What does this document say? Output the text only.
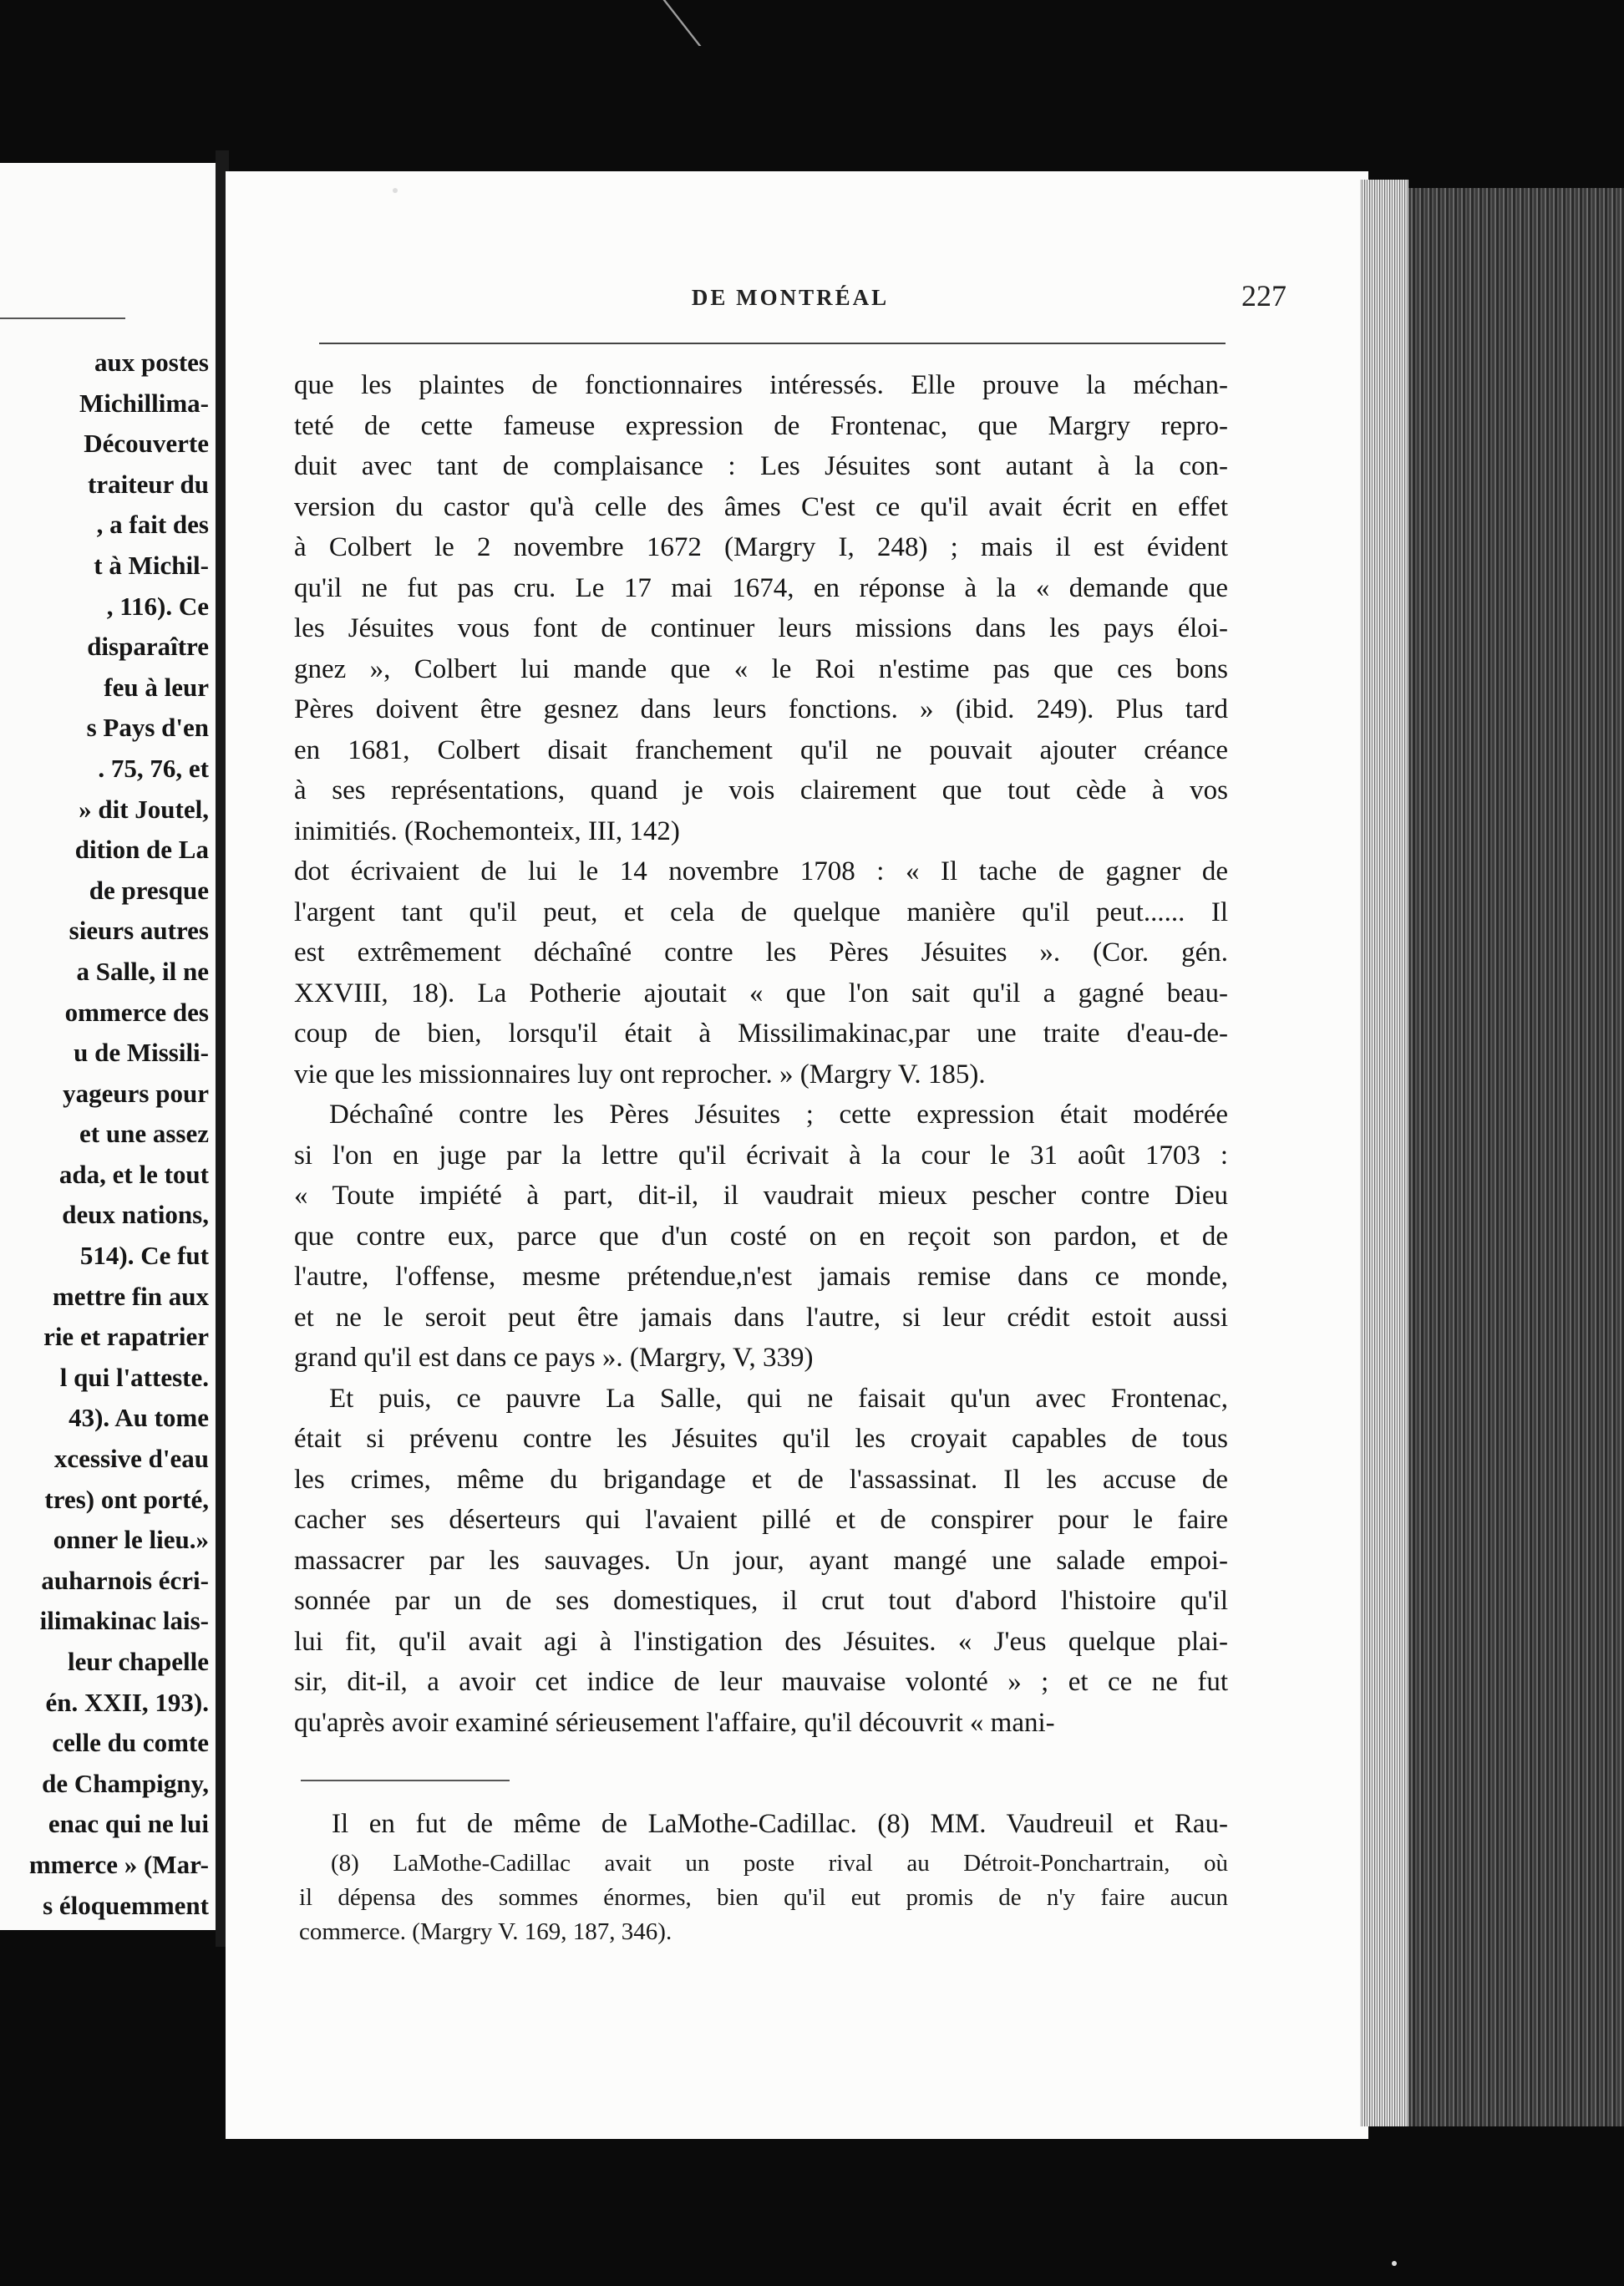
aux postes
Michillima-
Découverte
traiteur du
, a fait des
t à Michil-
, 116). Ce
disparaître
feu à leur
s Pays d'en
. 75, 76, et
» dit Joutel,
dition de La
de presque
sieurs autres
a Salle, il ne
ommerce des
u de Missili-
yageurs pour
et une assez
ada, et le tout
deux nations,
514). Ce fut
mettre fin aux
rie et rapatrier
l qui l'atteste.
43). Au tome
xcessive d'eau
tres) ont porté,
onner le lieu.»
auharnois écri-
ilimakinac lais-
leur chapelle
én. XXII, 193).
celle du comte
de Champigny,
enac qui ne lui
mmerce » (Mar-
s éloquemment
DE MONTRÉAL	227
que les plaintes de fonctionnaires intéressés. Elle prouve la méchan-
teté de cette fameuse expression de Frontenac, que Margry repro-
duit avec tant de complaisance : Les Jésuites sont autant à la con-
version du castor qu'à celle des âmes C'est ce qu'il avait écrit en effet
à Colbert le 2 novembre 1672 (Margry I, 248) ; mais il est évident
qu'il ne fut pas cru. Le 17 mai 1674, en réponse à la « demande que
les Jésuites vous font de continuer leurs missions dans les pays éloi-
gnez », Colbert lui mande que « le Roi n'estime pas que ces bons
Pères doivent être gesnez dans leurs fonctions. » (ibid. 249). Plus tard
en 1681, Colbert disait franchement qu'il ne pouvait ajouter créance
à ses représentations, quand je vois clairement que tout cède à vos
inimitiés. (Rochemonteix, III, 142)
dot écrivaient de lui le 14 novembre 1708 : « Il tache de gagner de
l'argent tant qu'il peut, et cela de quelque manière qu'il peut...... Il
est extrêmement déchaîné contre les Pères Jésuites ». (Cor. gén.
XXVIII, 18). La Potherie ajoutait « que l'on sait qu'il a gagné beau-
coup de bien, lorsqu'il était à Missilimakinac,par une traite d'eau-de-
vie que les missionnaires luy ont reprocher. » (Margry V. 185).
Déchaîné contre les Pères Jésuites ; cette expression était modérée
si l'on en juge par la lettre qu'il écrivait à la cour le 31 août 1703 :
« Toute impiété à part, dit-il, il vaudrait mieux pescher contre Dieu
que contre eux, parce que d'un costé on en reçoit son pardon, et de
l'autre, l'offense, mesme prétendue,n'est jamais remise dans ce monde,
et ne le seroit peut être jamais dans l'autre, si leur crédit estoit aussi
grand qu'il est dans ce pays ». (Margry, V, 339)
Et puis, ce pauvre La Salle, qui ne faisait qu'un avec Frontenac,
était si prévenu contre les Jésuites qu'il les croyait capables de tous
les crimes, même du brigandage et de l'assassinat. Il les accuse de
cacher ses déserteurs qui l'avaient pillé et de conspirer pour le faire
massacrer par les sauvages. Un jour, ayant mangé une salade empoi-
sonnée par un de ses domestiques, il crut tout d'abord l'histoire qu'il
lui fit, qu'il avait agi à l'instigation des Jésuites. « J'eus quelque plai-
sir, dit-il, a avoir cet indice de leur mauvaise volonté » ; et ce ne fut
qu'après avoir examiné sérieusement l'affaire, qu'il découvrit « mani-
Il en fut de même de LaMothe-Cadillac. (8) MM. Vaudreuil et Rau-
(8) LaMothe-Cadillac avait un poste rival au Détroit-Ponchartrain, où
il dépensa des sommes énormes, bien qu'il eut promis de n'y faire aucun
commerce. (Margry V. 169, 187, 346).
